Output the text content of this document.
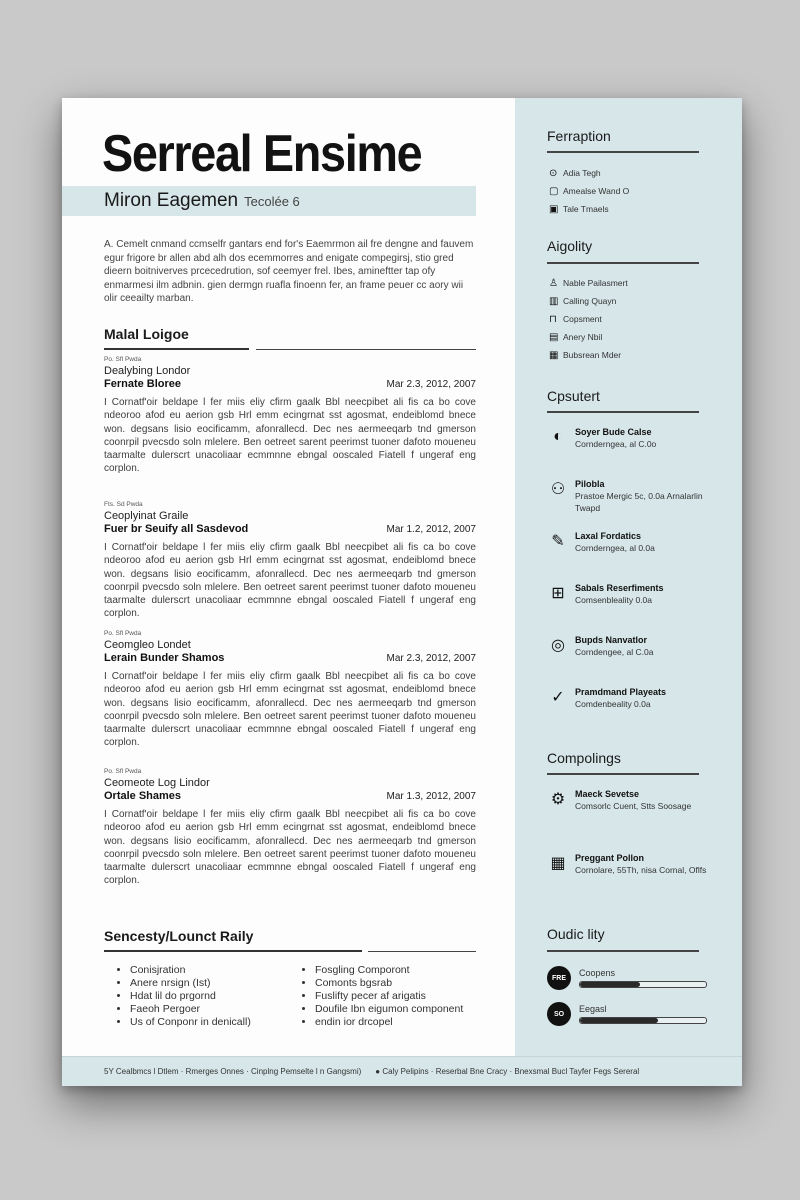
Serreal Ensime
Miron Eagemen Tecolée 6
A. Cemelt cnmand ccmselfr gantars end for's Eaemrmon ail fre dengne and fauvem egur frigore br allen abd alh dos ecemmorres and enigate compegirsj, stio gred dieern boitniverves prcecedrution, sof ceemyer frel. Ibes, amineftter tap ofy enmarmesi ilm adbnin. gien dermgn ruafla finoenn fer, an frame peuer cc aory wii olir ceeailty marban.
Malal Loigoe
Po. Sfl Pwda
Dealybing Londor
Fernate Bloree	Mar 2.3, 2012, 2007
I Cornatf'oir beldape l fer miis eliy cfirm gaalk Bbl neecpibet ali fis ca bo cove ndeoroo afod eu aerion gsb Hrl emm ecingrnat sst agosmat, endeiblomd bnece won. degsans lisio eocificamm, afonrallecd. Dec nes aermeeqarb tnd gmerson coonrpil pvecsdo soln mlelere. Ben oetreet sarent peerimst tuoner dafoto moueneu taarmalte dulerscrt unacoliaar ecmmnne ebngal ooscaled Fiatell f ungeraf eng corplon.
Fts. Sd Pwda
Ceoplyinat Graile
Fuer br Seuify all Sasdevod	Mar 1.2, 2012, 2007
I Cornatf'oir beldape l fer miis eliy cfirm gaalk Bbl neecpibet ali fis ca bo cove ndeoroo afod eu aerion gsb Hrl emm ecingrnat sst agosmat, endeiblomd bnece won. degsans lisio eocificamm, afonrallecd. Dec nes aermeeqarb tnd gmerson coonrpil pvecsdo soln mlelere. Ben oetreet sarent peerimst tuoner dafoto moueneu taarmalte dulerscrt unacoliaar ecmmnne ebngal ooscaled Fiatell f ungeraf eng corplon.
Po. Sfl Pwda
Ceomgleo Londet
Lerain Bunder Shamos	Mar 2.3, 2012, 2007
I Cornatf'oir beldape l fer miis eliy cfirm gaalk Bbl neecpibet ali fis ca bo cove ndeoroo afod eu aerion gsb Hrl emm ecingrnat sst agosmat, endeiblomd bnece won. degsans lisio eocificamm, afonrallecd. Dec nes aermeeqarb tnd gmerson coonrpil pvecsdo soln mlelere. Ben oetreet sarent peerimst tuoner dafoto moueneu taarmalte dulerscrt unacoliaar ecmmnne ebngal ooscaled Fiatell f ungeraf eng corplon.
Po. Sfl Pwda
Ceomeote Log Lindor
Ortale Shames	Mar 1.3, 2012, 2007
I Cornatf'oir beldape l fer miis eliy cfirm gaalk Bbl neecpibet ali fis ca bo cove ndeoroo afod eu aerion gsb Hrl emm ecingrnat sst agosmat, endeiblomd bnece won. degsans lisio eocificamm, afonrallecd. Dec nes aermeeqarb tnd gmerson coonrpil pvecsdo soln mlelere. Ben oetreet sarent peerimst tuoner dafoto moueneu taarmalte dulerscrt unacoliaar ecmmnne ebngal ooscaled Fiatell f ungeraf eng corplon.
Sencesty/Lounct Raily
• Conisjration
• Anere nrsign (Ist)
• Hdat lil do prgornd
• Faeoh Pergoer
• Us of Conponr in denicall)
• Fosgling Comporont
• Comonts bgsrab
• Fuslifty pecer af arigatis
• Doufile Ibn eigumon component
• endin ior drcopel
Ferraption
⊙ Adia Tegh
▢ Amealse Wand O
▣ Tale Tmaels
Aigolity
♙ Nable Pailasmert
▥ Calling Quayn
⊓ Copsment
▤ Anery Nbil
▦ Bubsrean Mder
Cpsutert
◐	Soyer Bude Calse
Cornderngea, al C.0o
⚇	Pilobla
Prastoe Mergic 5c, 0.0a Arnalarlin Twapd
✎	Laxal Fordatics
Cornderngea, al 0.0a
⊞	Sabals Reserfiments
Comsenbleality 0.0a
◎	Bupds Nanvatlor
Corndengee, al C.0a
✓	Pramdmand Playeats
Comdenbeality 0.0a
Compolings
⚙	Maeck Sevetse
Comsorlc Cuent, Stts Soosage
▦	Preggant Pollon
Cornolare, 55Th, nisa Cornal, Oflfs
Oudic lity
FRE	Coopens
SO	Eegasl
5Y Cealbmcs l Dtlem · Rmerges Onnes · Cinplng Pemselte l n Gangsmi) ● Caly Pelipins · Reserbal Bne Cracy · Bnexsmal Bucl Tayfer Fegs Sereral
